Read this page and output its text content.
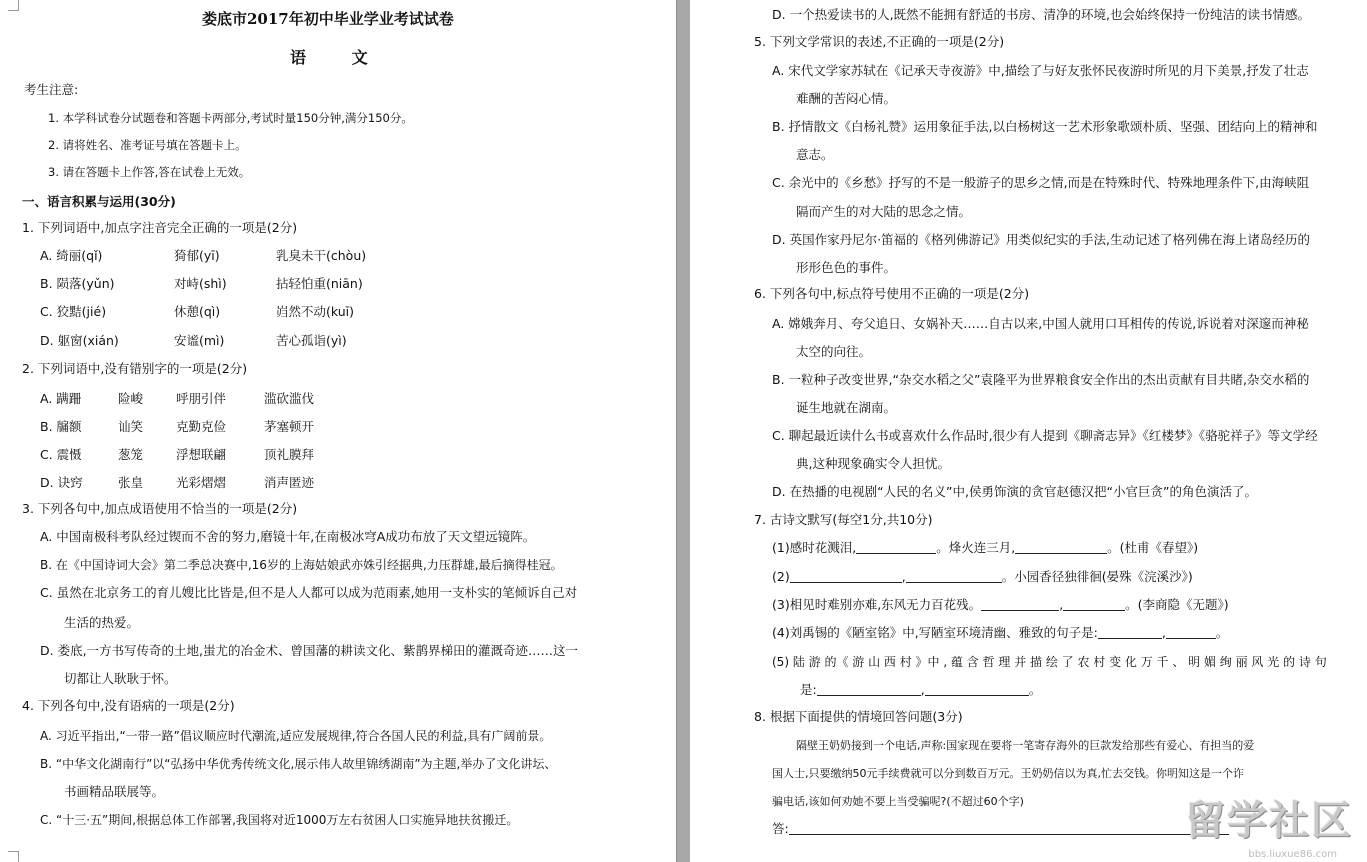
娄底市2017年初中毕业学业考试试卷
语 文
考生注意:
1. 本学科试卷分试题卷和答题卡两部分,考试时量150分钟,满分150分。
2. 请将姓名、准考证号填在答题卡上。
3. 请在答题卡上作答,答在试卷上无效。
一、语言积累与运用(30分)
1. 下列词语中,加点字注音完全正确的一项是(2分)
A. 绮丽(qǐ)	猗郁(yī)	乳臭未干(chòu)
B. 陨落(yǔn)	对峙(shì)	拈轻怕重(niān)
C. 狡黠(jié)	休憩(qì)	岿然不动(kuī)
D. 躯窗(xián)	安谧(mì)	苦心孤诣(yì)
2. 下列词语中,没有错别字的一项是(2分)
A. 蹒跚	险峻	呼朋引伴	滥砍滥伐
B. 牖额	讪笑	克勤克俭	茅塞顿开
C. 震慑	葱笼	浮想联翩	顶礼膜拜
D. 诀窍	张皇	光彩熠熠	消声匿迹
3. 下列各句中,加点成语使用不恰当的一项是(2分)
A. 中国南极科考队经过锲而不舍的努力,磨镜十年,在南极冰穹A成功布放了天文望远镜阵。
B. 在《中国诗词大会》第二季总决赛中,16岁的上海姑娘武亦姝引经据典,力压群雄,最后摘得桂冠。
C. 虽然在北京务工的育儿嫂比比皆是,但不是人人都可以成为范雨素,她用一支朴实的笔倾诉自己对
生活的热爱。
D. 娄底,一方书写传奇的土地,蚩尤的冶金术、曾国藩的耕读文化、紫鹊界梯田的灌溉奇迹……这一
切都让人耿耿于怀。
4. 下列各句中,没有语病的一项是(2分)
A. 习近平指出,“一带一路”倡议顺应时代潮流,适应发展规律,符合各国人民的利益,具有广阔前景。
B. “中华文化湖南行”以“弘扬中华优秀传统文化,展示伟人故里锦绣湖南”为主题,举办了文化讲坛、
书画精品联展等。
C. “十三·五”期间,根据总体工作部署,我国将对近1000万左右贫困人口实施异地扶贫搬迁。
D. 一个热爱读书的人,既然不能拥有舒适的书房、清净的环境,也会始终保持一份纯洁的读书情感。
5. 下列文学常识的表述,不正确的一项是(2分)
A. 宋代文学家苏轼在《记承天寺夜游》中,描绘了与好友张怀民夜游时所见的月下美景,抒发了壮志
难酬的苦闷心情。
B. 抒情散文《白杨礼赞》运用象征手法,以白杨树这一艺术形象歌颂朴质、坚强、团结向上的精神和
意志。
C. 余光中的《乡愁》抒写的不是一般游子的思乡之情,而是在特殊时代、特殊地理条件下,由海峡阻
隔而产生的对大陆的思念之情。
D. 英国作家丹尼尔·笛福的《格列佛游记》用类似纪实的手法,生动记述了格列佛在海上诸岛经历的
形形色色的事件。
6. 下列各句中,标点符号使用不正确的一项是(2分)
A. 嫦娥奔月、夸父追日、女娲补天……自古以来,中国人就用口耳相传的传说,诉说着对深邃而神秘
太空的向往。
B. 一粒种子改变世界,“杂交水稻之父”袁隆平为世界粮食安全作出的杰出贡献有目共睹,杂交水稻的
诞生地就在湖南。
C. 聊起最近读什么书或喜欢什么作品时,很少有人提到《聊斋志异》《红楼梦》《骆驼祥子》等文学经
典,这种现象确实令人担忧。
D. 在热播的电视剧“人民的名义”中,侯勇饰演的贪官赵德汉把“小官巨贪”的角色演活了。
7. 古诗文默写(每空1分,共10分)
(1)感时花溅泪,	。烽火连三月,	。(杜甫《春望》)
(2)	,	。小园香径独徘徊(晏殊《浣溪沙》)
(3)相见时难别亦难,东风无力百花残。	,	。(李商隐《无题》)
(4)刘禹锡的《陋室铭》中,写陋室环境清幽、雅致的句子是:	,	。
(5) 陆 游 的《 游 山 西 村 》中 , 蕴 含 哲 理 并 描 绘 了 农 村 变 化 万 千 、 明 媚 绚 丽 风 光 的 诗 句
是:	,	。
8. 根据下面提供的情境回答问题(3分)
隔壁王奶奶接到一个电话,声称:国家现在要将一笔寄存海外的巨款发给那些有爱心、有担当的爱
国人士,只要缴纳50元手续费就可以分到数百万元。王奶奶信以为真,忙去交钱。你明知这是一个诈
骗电话,该如何劝她不要上当受骗呢?(不超过60个字)
答:	留学社区
bbs.liuxue86.com
